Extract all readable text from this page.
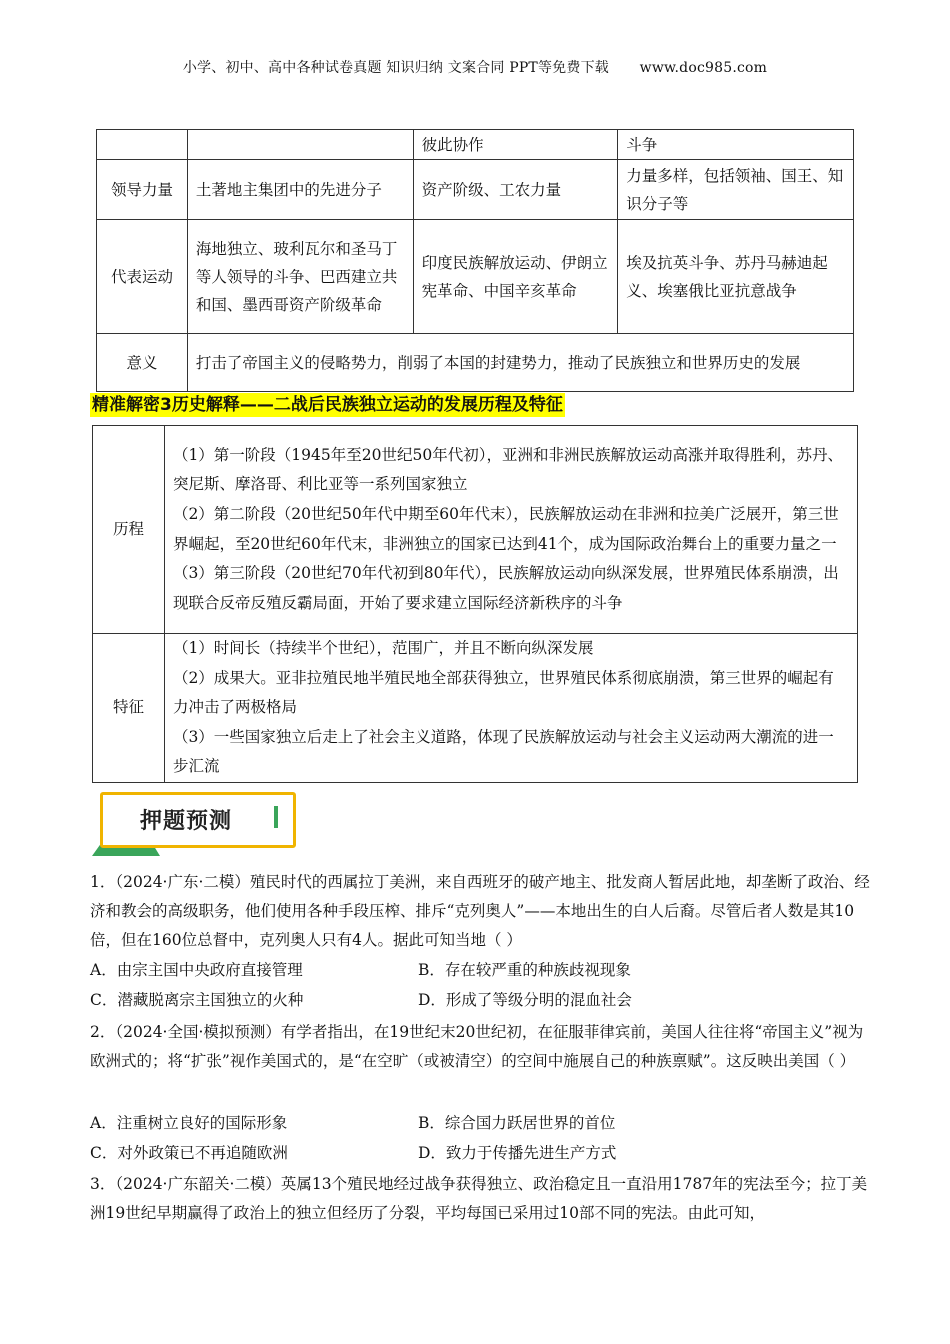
小学、初中、高中各种试卷真题 知识归纳 文案合同 PPT等免费下载 www.doc985.com
		彼此协作	斗争
领导力量	土著地主集团中的先进分子	资产阶级、工农力量	力量多样，包括领袖、国王、知识分子等
代表运动	海地独立、玻利瓦尔和圣马丁等人领导的斗争、巴西建立共和国、墨西哥资产阶级革命	印度民族解放运动、伊朗立宪革命、中国辛亥革命	埃及抗英斗争、苏丹马赫迪起义、埃塞俄比亚抗意战争
意义	打击了帝国主义的侵略势力，削弱了本国的封建势力，推动了民族独立和世界历史的发展		
精准解密3历史解释——二战后民族独立运动的发展历程及特征
历程	（1）第一阶段（1945年至20世纪50年代初），亚洲和非洲民族解放运动高涨并取得胜利，苏丹、突尼斯、摩洛哥、利比亚等一系列国家独立
（2）第二阶段（20世纪50年代中期至60年代末），民族解放运动在非洲和拉美广泛展开，第三世界崛起，至20世纪60年代末，非洲独立的国家已达到41个，成为国际政治舞台上的重要力量之一
（3）第三阶段（20世纪70年代初到80年代），民族解放运动向纵深发展，世界殖民体系崩溃，出现联合反帝反殖反霸局面，开始了要求建立国际经济新秩序的斗争

特征	（1）时间长（持续半个世纪），范围广，并且不断向纵深发展
（2）成果大。亚非拉殖民地半殖民地全部获得独立，世界殖民体系彻底崩溃，第三世界的崛起有力冲击了两极格局
（3）一些国家独立后走上了社会主义道路，体现了民族解放运动与社会主义运动两大潮流的进一步汇流
押题预测
1．（2024·广东·二模）殖民时代的西属拉丁美洲，来自西班牙的破产地主、批发商人暂居此地，却垄断了政治、经济和教会的高级职务，他们使用各种手段压榨、排斥“克列奥人”——本地出生的白人后裔。尽管后者人数是其10倍，但在160位总督中，克列奥人只有4人。据此可知当地（ ）
A．由宗主国中央政府直接管理	B．存在较严重的种族歧视现象
C．潜藏脱离宗主国独立的火种	D．形成了等级分明的混血社会
2．（2024·全国·模拟预测）有学者指出，在19世纪末20世纪初，在征服菲律宾前，美国人往往将“帝国主义”视为欧洲式的；将“扩张”视作美国式的，是“在空旷（或被清空）的空间中施展自己的种族禀赋”。这反映出美国（ ）
A．注重树立良好的国际形象	B．综合国力跃居世界的首位
C．对外政策已不再追随欧洲	D．致力于传播先进生产方式
3．（2024·广东韶关·二模）英属13个殖民地经过战争获得独立、政治稳定且一直沿用1787年的宪法至今；拉丁美洲19世纪早期赢得了政治上的独立但经历了分裂，平均每国已采用过10部不同的宪法。由此可知，
